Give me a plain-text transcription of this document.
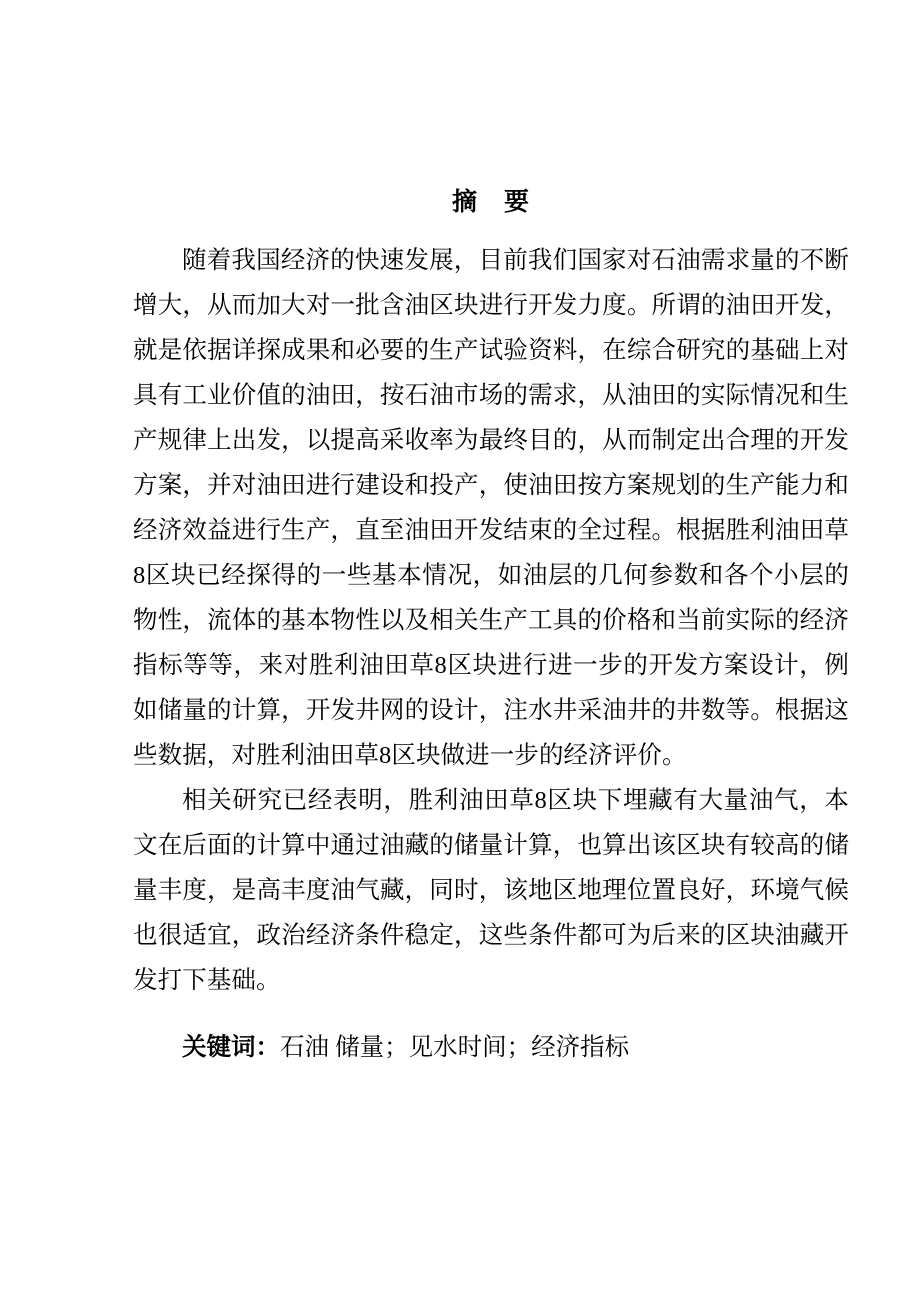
摘　要

随着我国经济的快速发展，目前我们国家对石油需求量的不断增大，从而加大对一批含油区块进行开发力度。所谓的油田开发，就是依据详探成果和必要的生产试验资料，在综合研究的基础上对具有工业价值的油田，按石油市场的需求，从油田的实际情况和生产规律上出发，以提高采收率为最终目的，从而制定出合理的开发方案，并对油田进行建设和投产，使油田按方案规划的生产能力和经济效益进行生产，直至油田开发结束的全过程。根据胜利油田草8区块已经探得的一些基本情况，如油层的几何参数和各个小层的物性，流体的基本物性以及相关生产工具的价格和当前实际的经济指标等等，来对胜利油田草8区块进行进一步的开发方案设计，例如储量的计算，开发井网的设计，注水井采油井的井数等。根据这些数据，对胜利油田草8区块做进一步的经济评价。

相关研究已经表明，胜利油田草8区块下埋藏有大量油气，本文在后面的计算中通过油藏的储量计算，也算出该区块有较高的储量丰度，是高丰度油气藏，同时，该地区地理位置良好，环境气候也很适宜，政治经济条件稳定，这些条件都可为后来的区块油藏开发打下基础。

关键词：石油 储量；见水时间；经济指标
